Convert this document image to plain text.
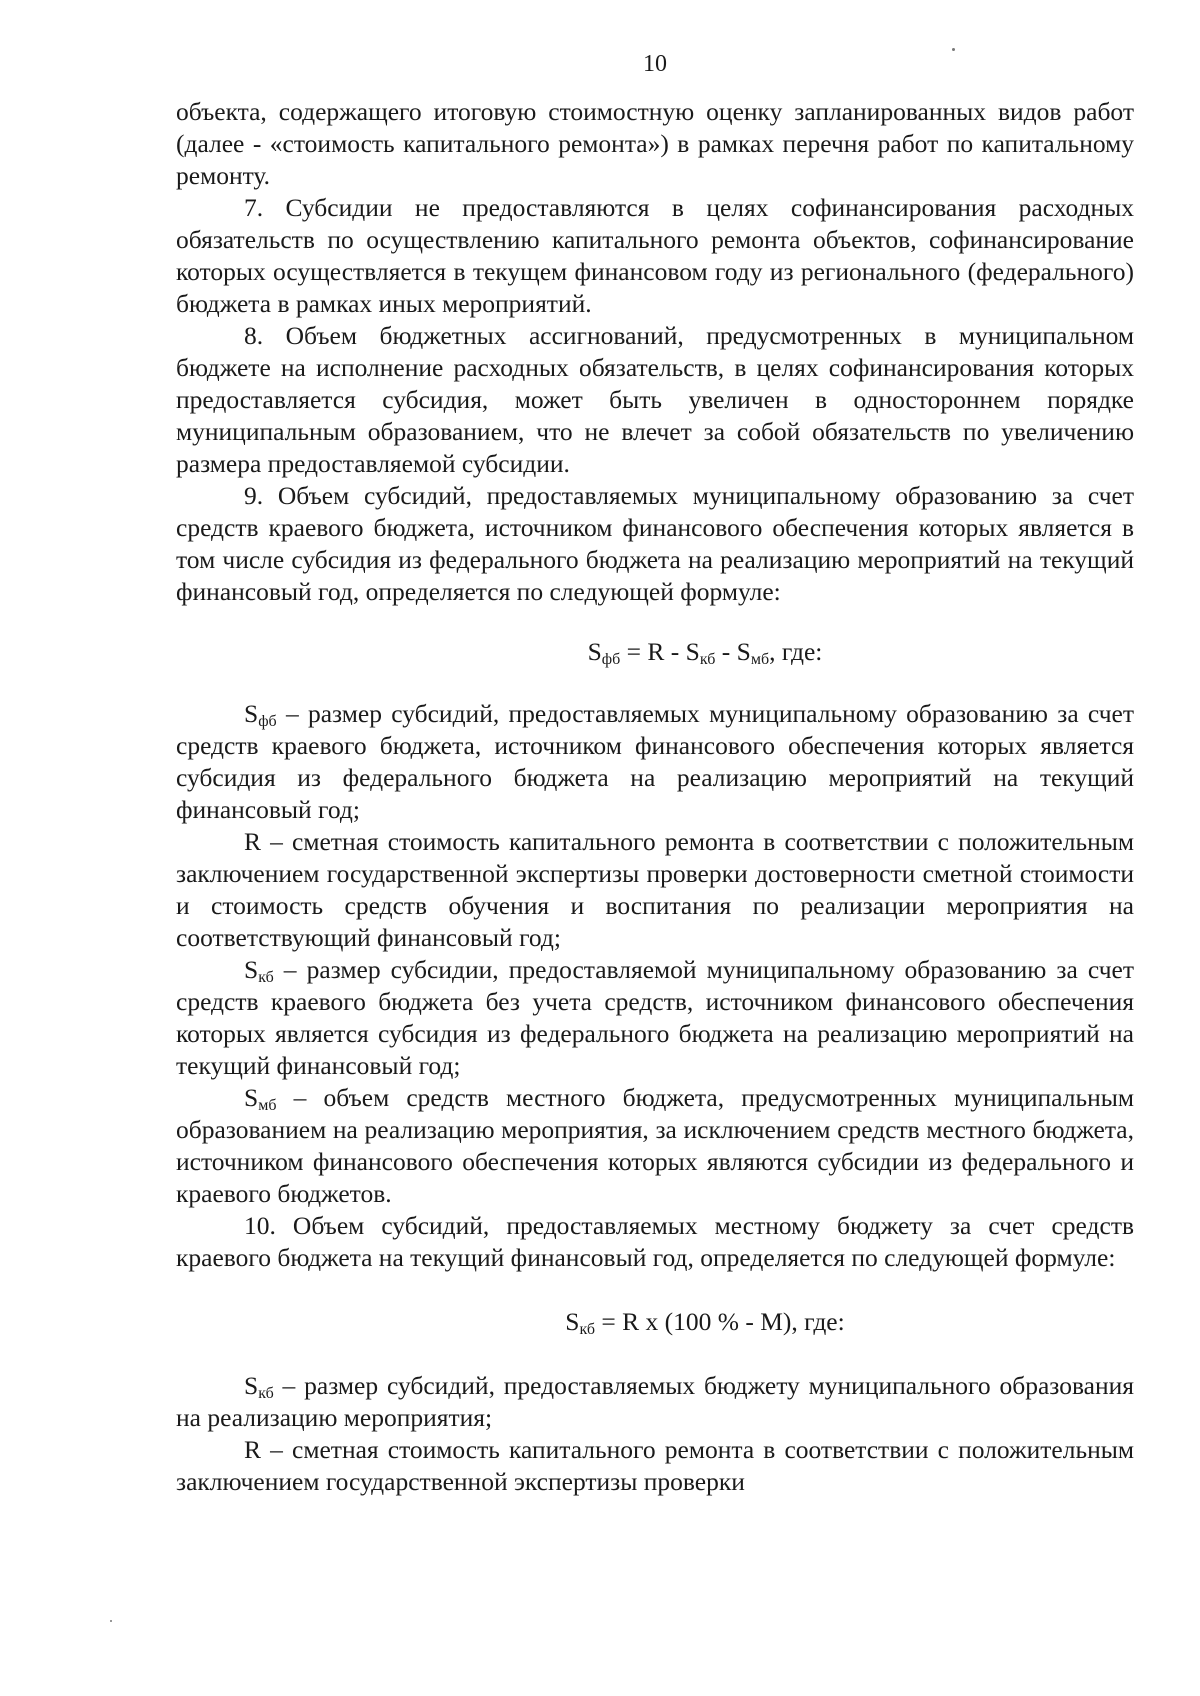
10

объекта, содержащего итоговую стоимостную оценку запланированных видов работ (далее - «стоимость капитального ремонта») в рамках перечня работ по капитальному ремонту.

7. Субсидии не предоставляются в целях софинансирования расходных обязательств по осуществлению капитального ремонта объектов, софинансирование которых осуществляется в текущем финансовом году из регионального (федерального) бюджета в рамках иных мероприятий.

8. Объем бюджетных ассигнований, предусмотренных в муниципальном бюджете на исполнение расходных обязательств, в целях софинансирования которых предоставляется субсидия, может быть увеличен в одностороннем порядке муниципальным образованием, что не влечет за собой обязательств по увеличению размера предоставляемой субсидии.

9. Объем субсидий, предоставляемых муниципальному образованию за счет средств краевого бюджета, источником финансового обеспечения которых является в том числе субсидия из федерального бюджета на реализацию мероприятий на текущий финансовый год, определяется по следующей формуле:

$S_{фб} = R - S_{кб} - S_{мб}$, где:

$S_{фб}$ – размер субсидий, предоставляемых муниципальному образованию за счет средств краевого бюджета, источником финансового обеспечения которых является субсидия из федерального бюджета на реализацию мероприятий на текущий финансовый год;

R – сметная стоимость капитального ремонта в соответствии с положительным заключением государственной экспертизы проверки достоверности сметной стоимости и стоимость средств обучения и воспитания по реализации мероприятия на соответствующий финансовый год;

$S_{кб}$ – размер субсидии, предоставляемой муниципальному образованию за счет средств краевого бюджета без учета средств, источником финансового обеспечения которых является субсидия из федерального бюджета на реализацию мероприятий на текущий финансовый год;

$S_{мб}$ – объем средств местного бюджета, предусмотренных муниципальным образованием на реализацию мероприятия, за исключением средств местного бюджета, источником финансового обеспечения которых являются субсидии из федерального и краевого бюджетов.

10. Объем субсидий, предоставляемых местному бюджету за счет средств краевого бюджета на текущий финансовый год, определяется по следующей формуле:

$S_{кб} = R$ x (100 % - M), где:

$S_{кб}$ – размер субсидий, предоставляемых бюджету муниципального образования на реализацию мероприятия;

R – сметная стоимость капитального ремонта в соответствии с положительным заключением государственной экспертизы проверки
